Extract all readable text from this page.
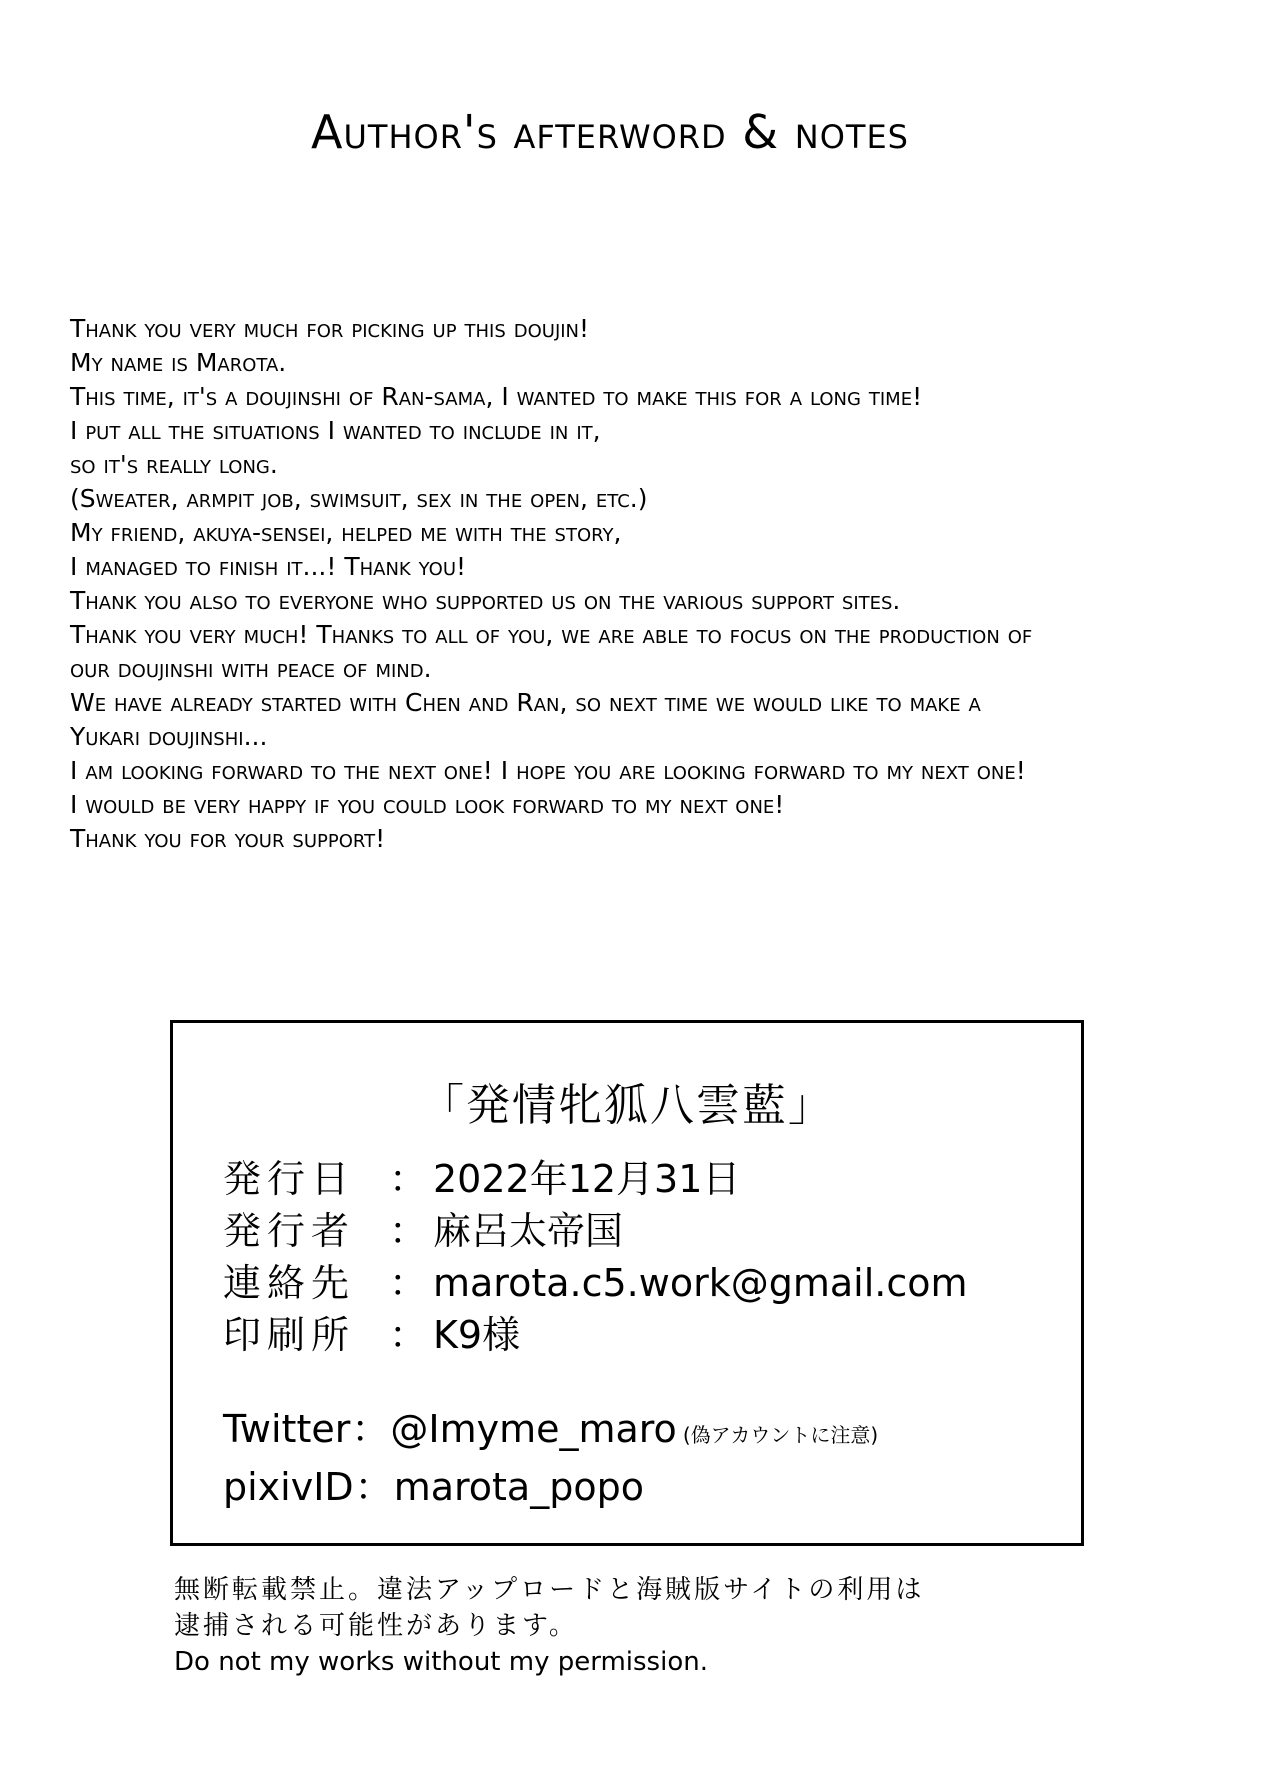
Author's afterword & notes
Thank you very much for picking up this doujin!
My name is Marota.
This time, it's a doujinshi of Ran-sama, I wanted to make this for a long time!
I put all the situations I wanted to include in it,
so it's really long.
(Sweater, armpit job, swimsuit, sex in the open, etc.)
My friend, akuya-sensei, helped me with the story,
I managed to finish it...! Thank you!
Thank you also to everyone who supported us on the various support sites.
Thank you very much! Thanks to all of you, we are able to focus on the production of
our doujinshi with peace of mind.
We have already started with Chen and Ran, so next time we would like to make a
Yukari doujinshi...
I am looking forward to the next one! I hope you are looking forward to my next one!
I would be very happy if you could look forward to my next one!
Thank you for your support!
「発情牝狐八雲藍」
発行日 ： 2022年12月31日
発行者 ： 麻呂太帝国
連絡先 ： marota.c5.work@gmail.com
印刷所 ： K9様
Twitter：@Imyme_maro (偽アカウントに注意)
pixivID：marota_popo
無断転載禁止。違法アップロードと海賊版サイトの利用は
逮捕される可能性があります。
Do not my works without my permission.
